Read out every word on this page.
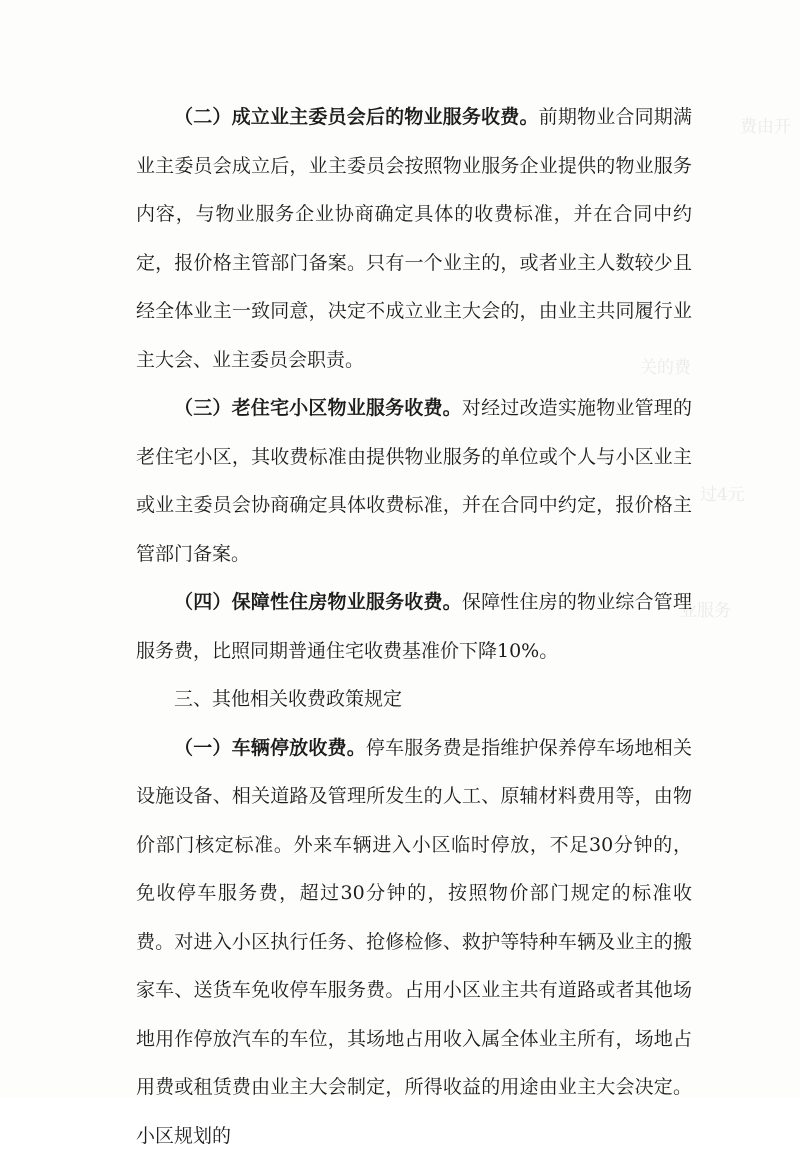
费由开
关的费
过4元
业服务

（二）成立业主委员会后的物业服务收费。前期物业合同期满业主委员会成立后，业主委员会按照物业服务企业提供的物业服务内容，与物业服务企业协商确定具体的收费标准，并在合同中约定，报价格主管部门备案。只有一个业主的，或者业主人数较少且经全体业主一致同意，决定不成立业主大会的，由业主共同履行业主大会、业主委员会职责。

（三）老住宅小区物业服务收费。对经过改造实施物业管理的老住宅小区，其收费标准由提供物业服务的单位或个人与小区业主或业主委员会协商确定具体收费标准，并在合同中约定，报价格主管部门备案。

（四）保障性住房物业服务收费。保障性住房的物业综合管理服务费，比照同期普通住宅收费基准价下降10%。

三、其他相关收费政策规定

（一）车辆停放收费。停车服务费是指维护保养停车场地相关设施设备、相关道路及管理所发生的人工、原辅材料费用等，由物价部门核定标准。外来车辆进入小区临时停放，不足30分钟的，免收停车服务费，超过30分钟的，按照物价部门规定的标准收费。对进入小区执行任务、抢修检修、救护等特种车辆及业主的搬家车、送货车免收停车服务费。占用小区业主共有道路或者其他场地用作停放汽车的车位，其场地占用收入属全体业主所有，场地占用费或租赁费由业主大会制定，所得收益的用途由业主大会决定。小区规划的
